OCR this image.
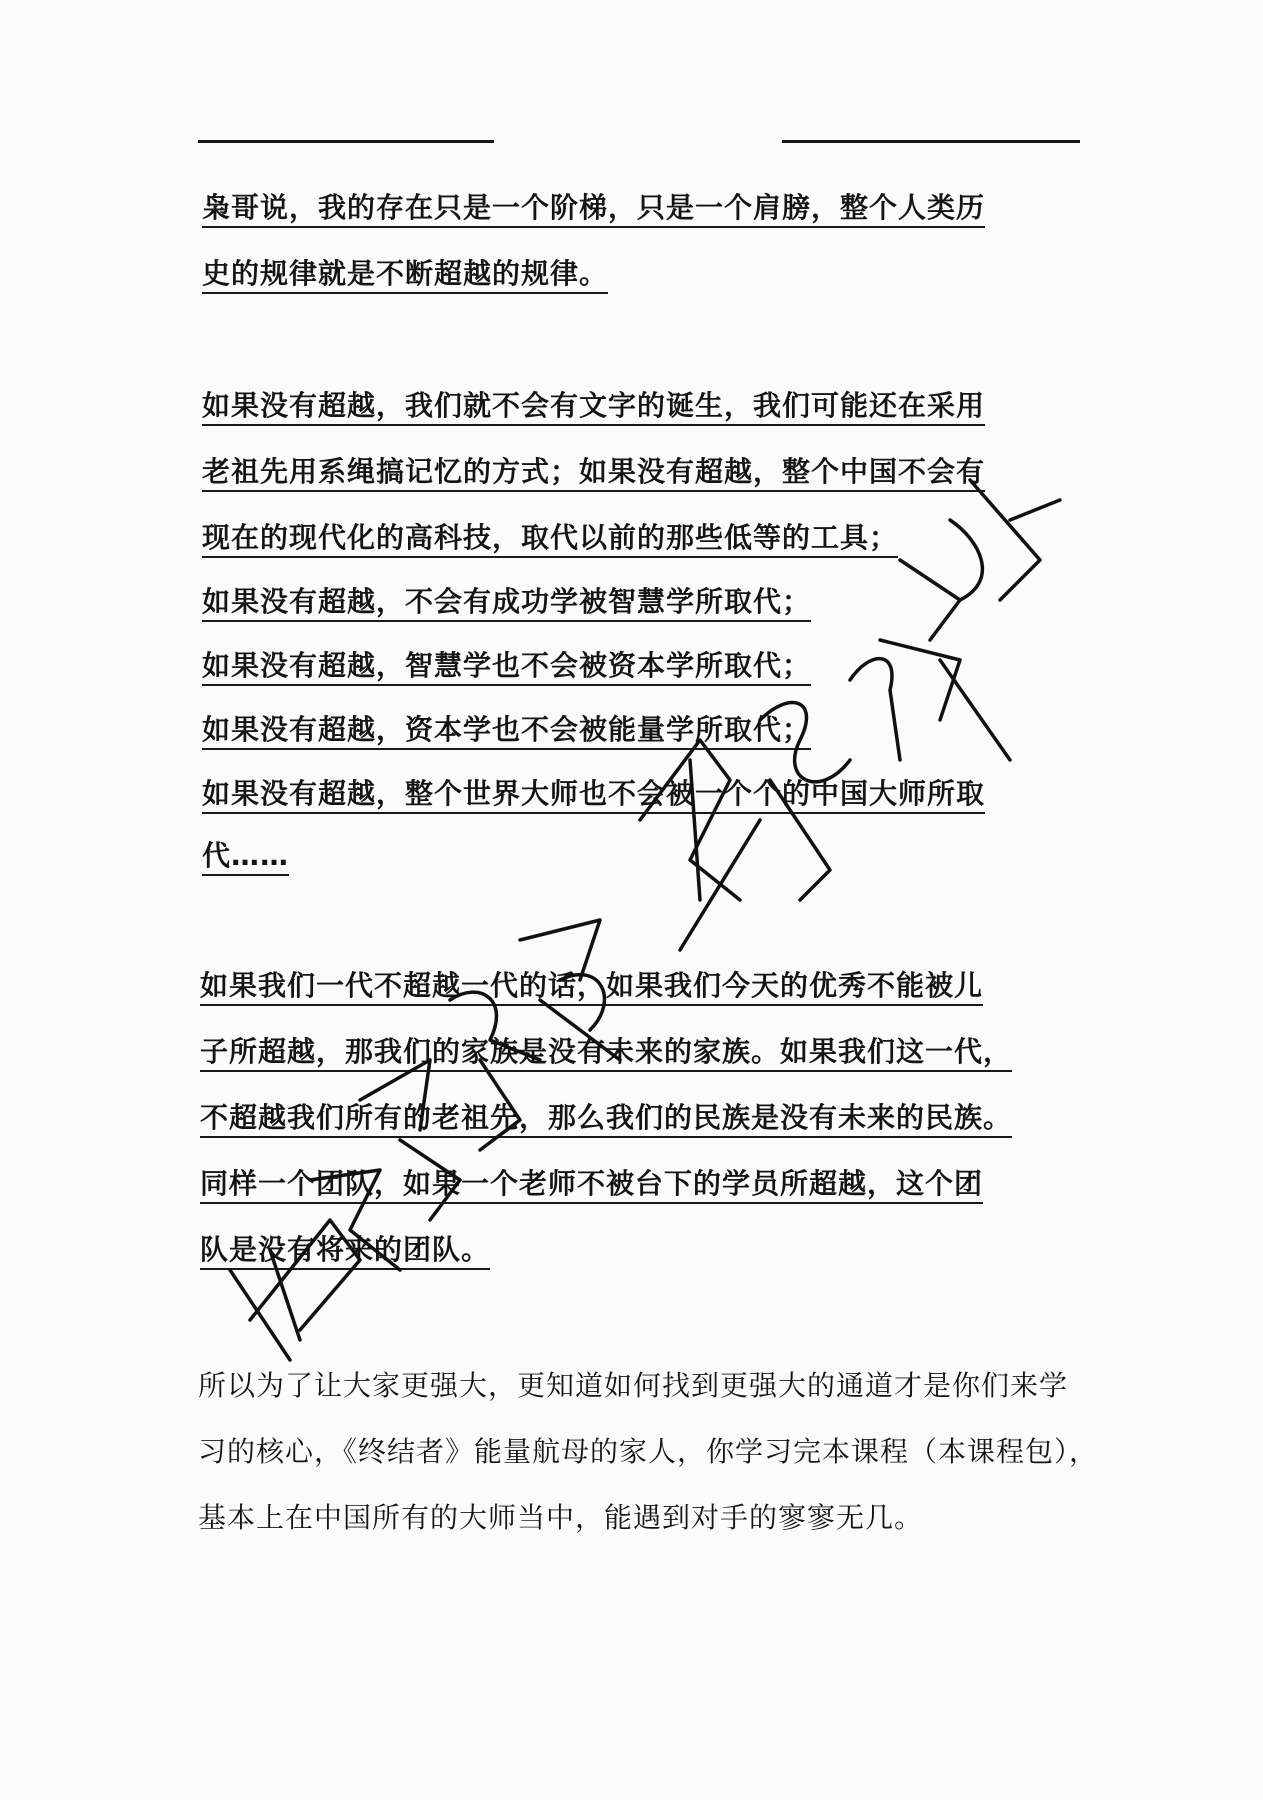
枭哥说，我的存在只是一个阶梯，只是一个肩膀，整个人类历
史的规律就是不断超越的规律。
如果没有超越，我们就不会有文字的诞生，我们可能还在采用
老祖先用系绳搞记忆的方式；如果没有超越，整个中国不会有
现在的现代化的高科技，取代以前的那些低等的工具；
如果没有超越，不会有成功学被智慧学所取代；
如果没有超越，智慧学也不会被资本学所取代；
如果没有超越，资本学也不会被能量学所取代；
如果没有超越，整个世界大师也不会被一个个的中国大师所取
代……
如果我们一代不超越一代的话，如果我们今天的优秀不能被儿
子所超越，那我们的家族是没有未来的家族。如果我们这一代，
不超越我们所有的老祖先，那么我们的民族是没有未来的民族。
同样一个团队，如果一个老师不被台下的学员所超越，这个团
队是没有将来的团队。
所以为了让大家更强大，更知道如何找到更强大的通道才是你们来学
习的核心，《终结者》能量航母的家人，你学习完本课程（本课程包），
基本上在中国所有的大师当中，能遇到对手的寥寥无几。
